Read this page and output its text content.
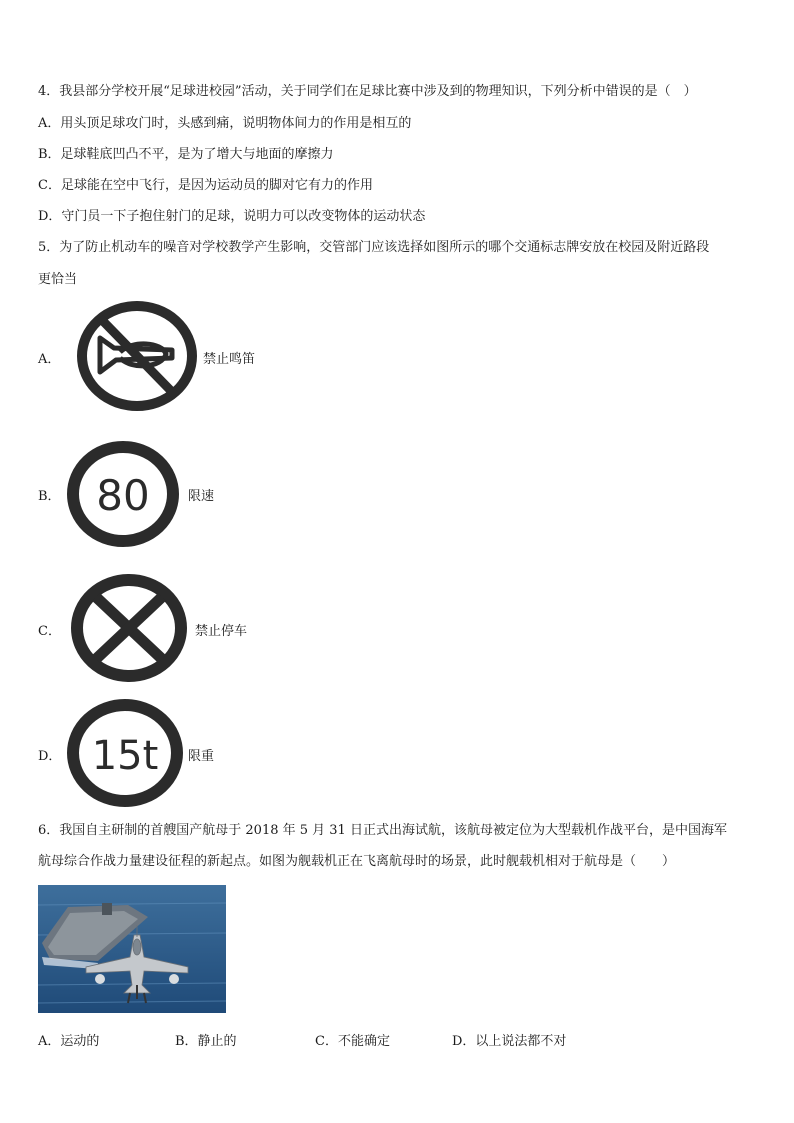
4．我县部分学校开展“足球进校园”活动，关于同学们在足球比赛中涉及到的物理知识，下列分析中错误的是（　）
A．用头顶足球攻门时，头感到痛，说明物体间力的作用是相互的
B．足球鞋底凹凸不平，是为了增大与地面的摩擦力
C．足球能在空中飞行，是因为运动员的脚对它有力的作用
D．守门员一下子抱住射门的足球，说明力可以改变物体的运动状态
5．为了防止机动车的噪音对学校教学产生影响，交管部门应该选择如图所示的哪个交通标志牌安放在校园及附近路段
更恰当
A．	禁止鸣笛
B． 80	限速
C．	禁止停车
D． 15t 限重
6．我国自主研制的首艘国产航母于 2018 年 5 月 31 日正式出海试航，该航母被定位为大型载机作战平台，是中国海军
航母综合作战力量建设征程的新起点。如图为舰载机正在飞离航母时的场景，此时舰载机相对于航母是（　　）
A．运动的	B．静止的	C．不能确定	D．以上说法都不对
